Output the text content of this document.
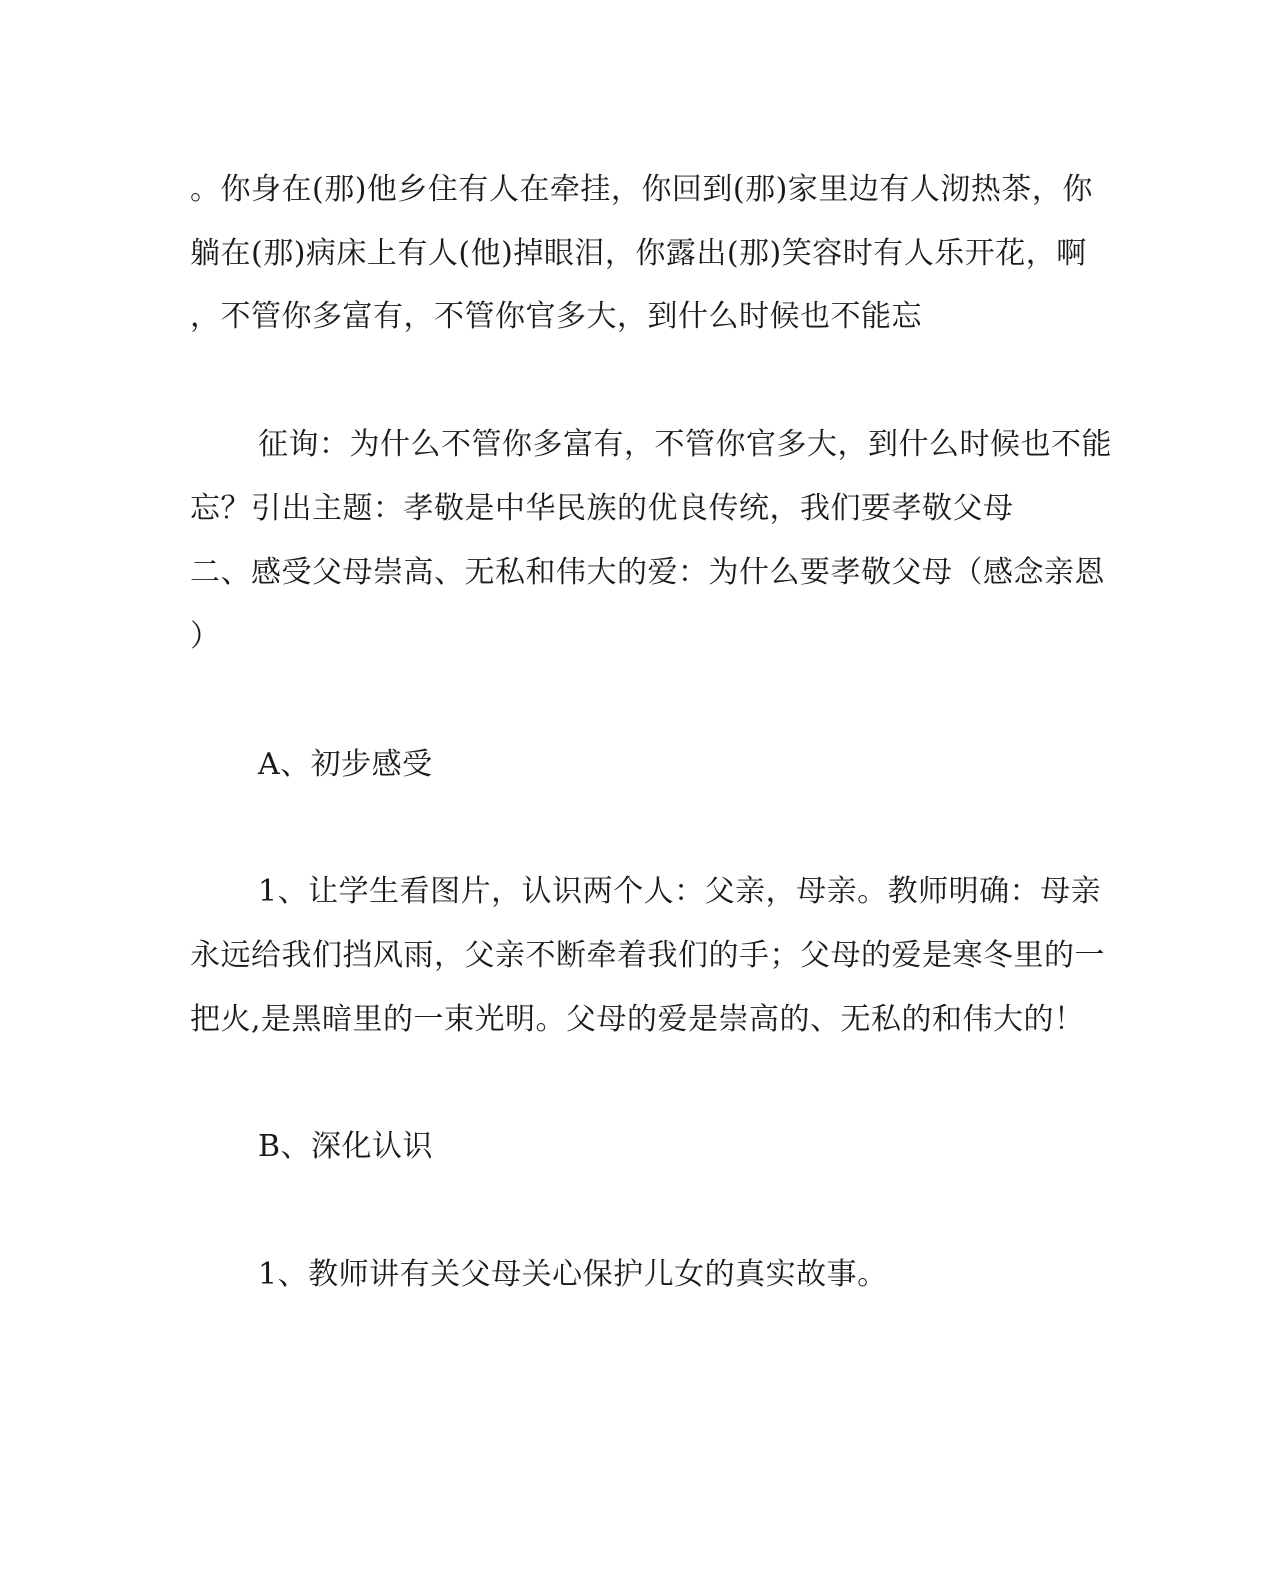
。你身在(那)他乡住有人在牵挂，你回到(那)家里边有人沏热茶，你
躺在(那)病床上有人(他)掉眼泪，你露出(那)笑容时有人乐开花，啊
，不管你多富有，不管你官多大，到什么时候也不能忘
征询：为什么不管你多富有，不管你官多大，到什么时候也不能
忘？引出主题：孝敬是中华民族的优良传统，我们要孝敬父母
二、感受父母崇高、无私和伟大的爱：为什么要孝敬父母（感念亲恩
）
A、初步感受
1、让学生看图片，认识两个人：父亲，母亲。教师明确：母亲
永远给我们挡风雨，父亲不断牵着我们的手；父母的爱是寒冬里的一
把火,是黑暗里的一束光明。父母的爱是崇高的、无私的和伟大的！
B、深化认识
1、教师讲有关父母关心保护儿女的真实故事。
